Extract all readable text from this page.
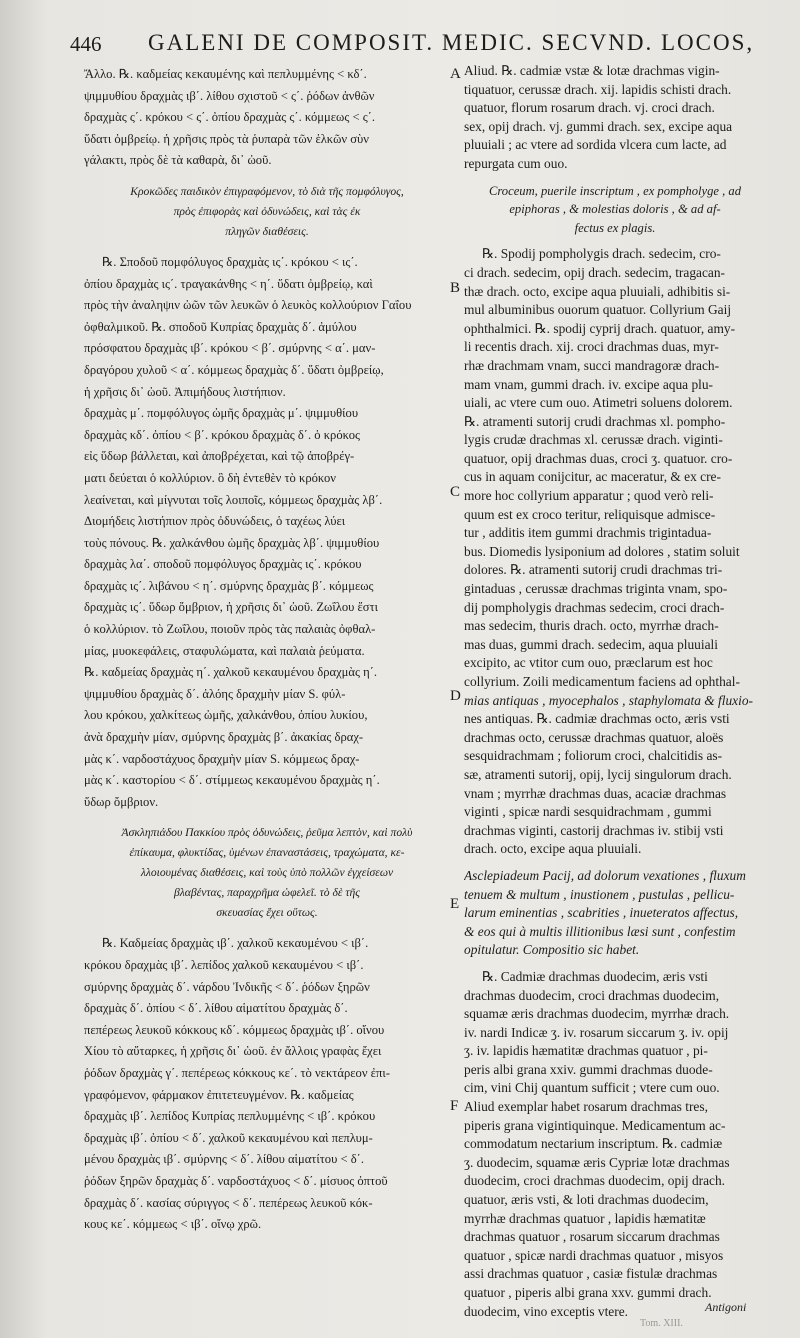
446 GALENI DE COMPOSIT. MEDIC. SECVND. LOCOS,
Ἄλλο. ℞. καδμείας κεκαυμένης καὶ πεπλυμμένης < κδ΄.
ψιμμυθίου δραχμὰς ιβ΄. λίθου σχιστοῦ < ς΄. ῥόδων ἀνθῶν
δραχμὰς ς΄. κρόκου < ς΄. ὀπίου δραχμὰς ς΄. κόμμεως < ς΄.
ὕδατι ὀμβρείῳ. ἡ χρῆσις πρὸς τὰ ῥυπαρὰ τῶν ἑλκῶν σὺν
γάλακτι, πρὸς δὲ τὰ καθαρὰ, δι᾽ ὠοῦ.
Κροκῶδες παιδικὸν ἐπιγραφόμενον, τὸ διὰ τῆς πομφόλυγος,
πρὸς ἐπιφορὰς καὶ ὀδυνώδεις, καὶ τὰς ἐκ
πληγῶν διαθέσεις.
℞. Σποδοῦ πομφόλυγος δραχμὰς ις΄. κρόκου < ις΄.
ὀπίου δραχμὰς ις΄. τραγακάνθης < η΄. ὕδατι ὀμβρείῳ, καὶ
πρὸς τὴν ἀναληψιν ὠῶν τῶν λευκῶν ὁ λευκὸς κολλούριον Γαΐου
ὀφθαλμικοῦ. ℞. σποδοῦ Κυπρίας δραχμὰς δ΄. ἀμύλου
πρόσφατου δραχμὰς ιβ΄. κρόκου < β΄. σμύρνης < α΄. μαν-
δραγόρου χυλοῦ < α΄. κόμμεως δραχμὰς δ΄. ὕδατι ὀμβρείῳ,
ἡ χρῆσις δι᾽ ὠοῦ. Ἀπιμήδους λιστήπιον.
δραχμὰς μ΄. πομφόλυγος ὠμῆς δραχμὰς μ΄. ψιμμυθίου
δραχμὰς κδ΄. ὀπίου < β΄. κρόκου δραχμὰς δ΄. ὁ κρόκος
εἰς ὕδωρ βάλλεται, καὶ ἀποβρέχεται, καὶ τῷ ἀποβρέγ-
ματι δεύεται ὁ κολλύριον. ὃ δὴ ἐντεθὲν τὸ κρόκον
λεαίνεται, καὶ μίγνυται τοῖς λοιποῖς, κόμμεως δραχμὰς λβ΄.
Διομήδεις λιστήπιον πρὸς ὀδυνώδεις, ὁ ταχέως λύει
τοὺς πόνους. ℞. χαλκάνθου ὠμῆς δραχμὰς λβ΄. ψιμμυθίου
δραχμὰς λα΄. σποδοῦ πομφόλυγος δραχμὰς ις΄. κρόκου
δραχμὰς ις΄. λιβάνου < η΄. σμύρνης δραχμὰς β΄. κόμμεως
δραχμὰς ις΄. ὕδωρ ὄμβριον, ἡ χρῆσις δι᾽ ὠοῦ. Ζωΐλου ἔστι
ὁ κολλύριον. τὸ Ζωΐλου, ποιοῦν πρὸς τὰς παλαιὰς ὀφθαλ-
μίας, μυοκεφάλεις, σταφυλώματα, καὶ παλαιὰ ῥεύματα.
℞. καδμείας δραχμὰς η΄. χαλκοῦ κεκαυμένου δραχμὰς η΄.
ψιμμυθίου δραχμὰς δ΄. ἀλόης δραχμὴν μίαν S. φύλ-
λου κρόκου, χαλκίτεως ὠμῆς, χαλκάνθου, ὀπίου λυκίου,
ἀνὰ δραχμὴν μίαν, σμύρνης δραχμὰς β΄. ἀκακίας δραχ-
μὰς κ΄. ναρδοστάχυος δραχμὴν μίαν S. κόμμεως δραχ-
μὰς κ΄. καστορίου < δ΄. στίμμεως κεκαυμένου δραχμὰς η΄.
ὕδωρ ὄμβριον.
Ἀσκληπιάδου Πακκίου πρὸς ὀδυνώδεις, ῥεῦμα λεπτὸν, καὶ πολὺ
ἐπίκαυμα, φλυκτίδας, ὑμένων ἐπαναστάσεις, τραχώματα, κε-
λλοιουμένας διαθέσεις, καὶ τοὺς ὑπὸ πολλῶν ἐγχείσεων
βλαβέντας, παραχρῆμα ὠφελεῖ. τὸ δὲ τῆς
σκευασίας ἔχει οὕτως.
℞. Καδμείας δραχμὰς ιβ΄. χαλκοῦ κεκαυμένου < ιβ΄.
κρόκου δραχμὰς ιβ΄. λεπίδος χαλκοῦ κεκαυμένου < ιβ΄.
σμύρνης δραχμὰς δ΄. νάρδου Ἰνδικῆς < δ΄. ῥόδων ξηρῶν
δραχμὰς δ΄. ὀπίου < δ΄. λίθου αἱματίτου δραχμὰς δ΄.
πεπέρεως λευκοῦ κόκκους κδ΄. κόμμεως δραχμὰς ιβ΄. οἴνου
Χίου τὸ αὔταρκες, ἡ χρῆσις δι᾽ ὠοῦ. ἐν ἄλλοις γραφὰς ἔχει
ῥόδων δραχμὰς γ΄. πεπέρεως κόκκους κε΄. τὸ νεκτάρεον ἐπι-
γραφόμενον, φάρμακον ἐπιτετευγμένον. ℞. καδμείας
δραχμὰς ιβ΄. λεπίδος Κυπρίας πεπλυμμένης < ιβ΄. κρόκου
δραχμὰς ιβ΄. ὀπίου < δ΄. χαλκοῦ κεκαυμένου καὶ πεπλυμ-
μένου δραχμὰς ιβ΄. σμύρνης < δ΄. λίθου αἱματίτου < δ΄.
ῥόδων ξηρῶν δραχμὰς δ΄. ναρδοστάχυος < δ΄. μίσυος ὀπτοῦ
δραχμὰς δ΄. κασίας σύριγγος < δ΄. πεπέρεως λευκοῦ κόκ-
κους κε΄. κόμμεως < ιβ΄. οἴνῳ χρῶ.
Aliud. ℞. cadmiæ vstæ & lotæ drachmas vigin-
tiquatuor, cerussæ drach. xij. lapidis schisti drach.
quatuor, florum rosarum drach. vj. croci drach.
sex, opij drach. vj. gummi drach. sex, excipe aqua
pluuiali ; ac vtere ad sordida vlcera cum lacte, ad
repurgata cum ouo.
Croceum, puerile inscriptum , ex pompholyge , ad
epiphoras , & molestias doloris , & ad af-
fectus ex plagis.
℞. Spodij pompholygis drach. sedecim, cro-
ci drach. sedecim, opij drach. sedecim, tragacan-
thæ drach. octo, excipe aqua pluuiali, adhibitis si-
mul albuminibus ouorum quatuor. Collyrium Gaij
ophthalmici. ℞. spodij cyprij drach. quatuor, amy-
li recentis drach. xij. croci drachmas duas, myr-
rhæ drachmam vnam, succi mandragoræ drach-
mam vnam, gummi drach. iv. excipe aqua plu-
uiali, ac vtere cum ouo. Atimetri soluens dolorem.
℞. atramenti sutorij crudi drachmas xl. pompho-
lygis crudæ drachmas xl. cerussæ drach. viginti-
quatuor, opij drachmas duas, croci ʒ. quatuor. cro-
cus in aquam conijcitur, ac maceratur, & ex cre-
more hoc collyrium apparatur ; quod verò reli-
quum est ex croco teritur, reliquisque admisce-
tur , additis item gummi drachmis trigintadua-
bus. Diomedis lysiponium ad dolores , statim soluit
dolores. ℞. atramenti sutorij crudi drachmas tri-
gintaduas , cerussæ drachmas triginta vnam, spo-
dij pompholygis drachmas sedecim, croci drach-
mas sedecim, thuris drach. octo, myrrhæ drach-
mas duas, gummi drach. sedecim, aqua pluuiali
excipito, ac vtitor cum ouo, præclarum est hoc
collyrium. Zoili medicamentum faciens ad ophthal-
mias antiquas , myocephalos , staphylomata & fluxio-
nes antiquas. ℞. cadmiæ drachmas octo, æris vsti
drachmas octo, cerussæ drachmas quatuor, aloës
sesquidrachmam ; foliorum croci, chalcitidis as-
sæ, atramenti sutorij, opij, lycij singulorum drach.
vnam ; myrrhæ drachmas duas, acaciæ drachmas
viginti , spicæ nardi sesquidrachmam , gummi
drachmas viginti, castorij drachmas iv. stibij vsti
drach. octo, excipe aqua pluuiali.
Asclepiadeum Pacij, ad dolorum vexationes , fluxum
tenuem & multum , inustionem , pustulas , pellicu-
larum eminentias , scabrities , inueteratos affectus,
& eos qui à multis illitionibus læsi sunt , confestim
opitulatur. Compositio sic habet.
℞. Cadmiæ drachmas duodecim, æris vsti
drachmas duodecim, croci drachmas duodecim,
squamæ æris drachmas duodecim, myrrhæ drach.
iv. nardi Indicæ ʒ. iv. rosarum siccarum ʒ. iv. opij
ʒ. iv. lapidis hæmatitæ drachmas quatuor , pi-
peris albi grana xxiv. gummi drachmas duode-
cim, vini Chij quantum sufficit ; vtere cum ouo.
Aliud exemplar habet rosarum drachmas tres,
piperis grana vigintiquinque. Medicamentum ac-
commodatum nectarium inscriptum. ℞. cadmiæ
ʒ. duodecim, squamæ æris Cypriæ lotæ drachmas
duodecim, croci drachmas duodecim, opij drach.
quatuor, æris vsti, & loti drachmas duodecim,
myrrhæ drachmas quatuor , lapidis hæmatitæ
drachmas quatuor , rosarum siccarum drachmas
quatuor , spicæ nardi drachmas quatuor , misyos
assi drachmas quatuor , casiæ fistulæ drachmas
quatuor , piperis albi grana xxv. gummi drach.
duodecim, vino exceptis vtere.
A
B
C
D
E
F
Antigoni
Tom. XIII.
